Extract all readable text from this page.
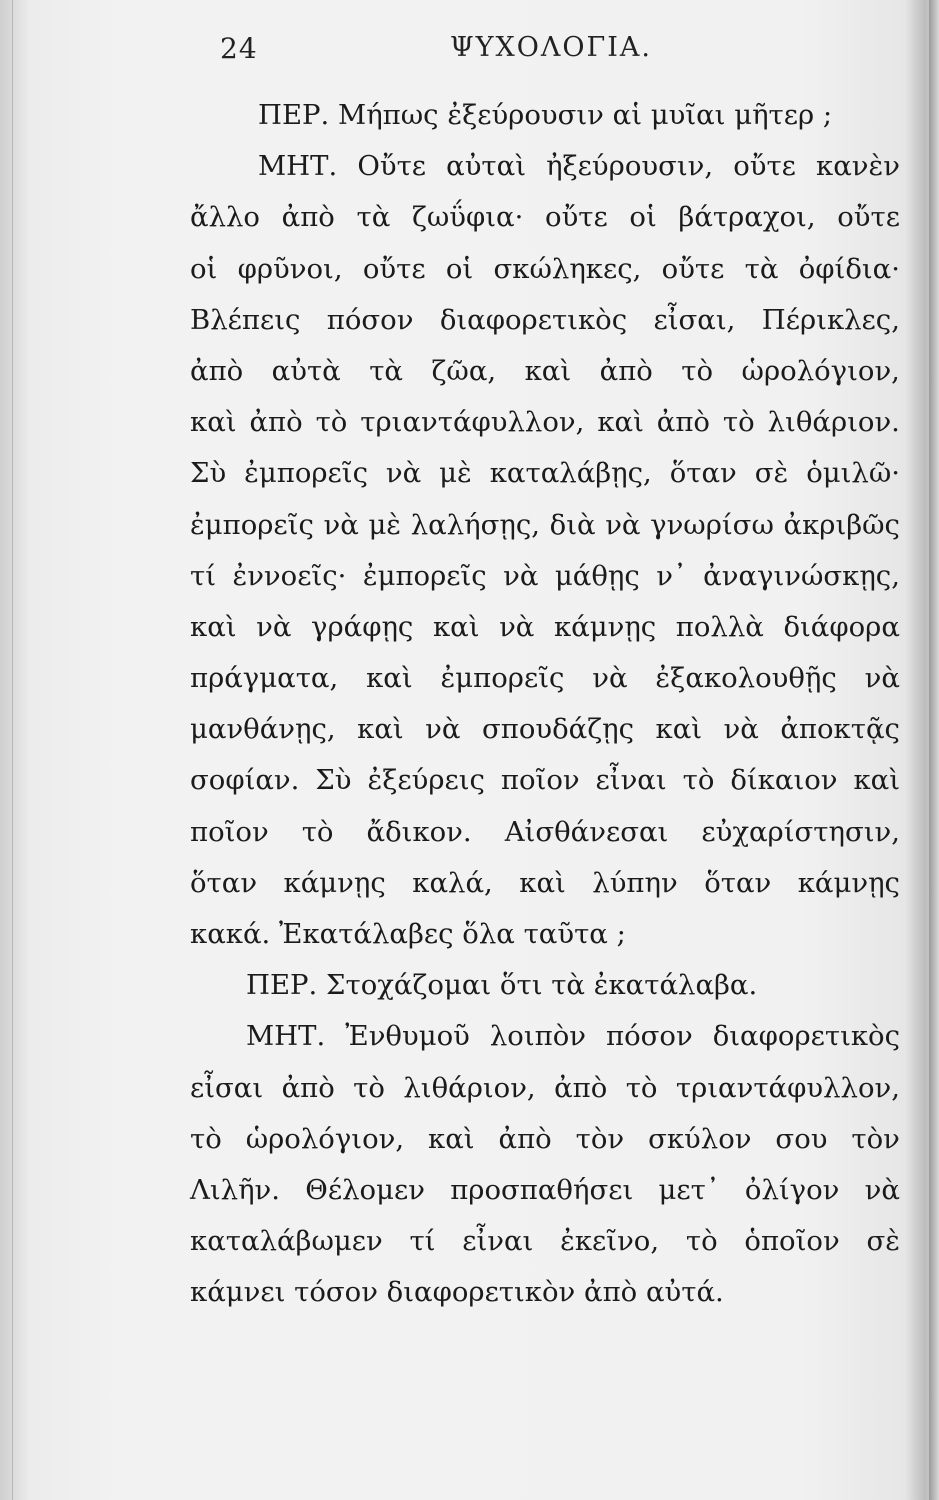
24	ΨΥΧΟΛΟΓΙΑ.
ΠΕΡ. Μήπως ἐξεύρουσιν αἱ μυῖαι μῆτερ ;
ΜΗΤ. Οὔτε αὐταὶ ἠξεύρουσιν, οὔτε κανὲν
ἄλλο ἀπὸ τὰ ζωΰφια· οὔτε οἱ βάτραχοι, οὔτε
οἱ φρῦνοι, οὔτε οἱ σκώληκες, οὔτε τὰ ὀφίδια·
Βλέπεις πόσον διαφορετικὸς εἶσαι, Πέρικλες,
ἀπὸ αὐτὰ τὰ ζῶα, καὶ ἀπὸ τὸ ὡρολόγιον,
καὶ ἀπὸ τὸ τριαντάφυλλον, καὶ ἀπὸ τὸ λιθάριον.
Σὺ ἐμπορεῖς νὰ μὲ καταλάβῃς, ὅταν σὲ ὁμιλῶ·
ἐμπορεῖς νὰ μὲ λαλήσῃς, διὰ νὰ γνωρίσω ἀκριβῶς
τί ἐννοεῖς· ἐμπορεῖς νὰ μάθῃς ν᾽ ἀναγινώσκῃς,
καὶ νὰ γράφῃς καὶ νὰ κάμνῃς πολλὰ διάφορα
πράγματα, καὶ ἐμπορεῖς νὰ ἐξακολουθῇς νὰ
μανθάνῃς, καὶ νὰ σπουδάζῃς καὶ νὰ ἀποκτᾷς
σοφίαν. Σὺ ἐξεύρεις ποῖον εἶναι τὸ δίκαιον καὶ
ποῖον τὸ ἄδικον. Αἰσθάνεσαι εὐχαρίστησιν,
ὅταν κάμνῃς καλά, καὶ λύπην ὅταν κάμνῃς
κακά. Ἐκατάλαβες ὅλα ταῦτα ;
ΠΕΡ. Στοχάζομαι ὅτι τὰ ἐκατάλαβα.
ΜΗΤ. Ἐνθυμοῦ λοιπὸν πόσον διαφορετικὸς
εἶσαι ἀπὸ τὸ λιθάριον, ἀπὸ τὸ τριαντάφυλλον,
τὸ ὡρολόγιον, καὶ ἀπὸ τὸν σκύλον σου τὸν
Λιλῆν. Θέλομεν προσπαθήσει μετ᾽ ὀλίγον νὰ
καταλάβωμεν τί εἶναι ἐκεῖνο, τὸ ὁποῖον σὲ
κάμνει τόσον διαφορετικὸν ἀπὸ αὐτά.
